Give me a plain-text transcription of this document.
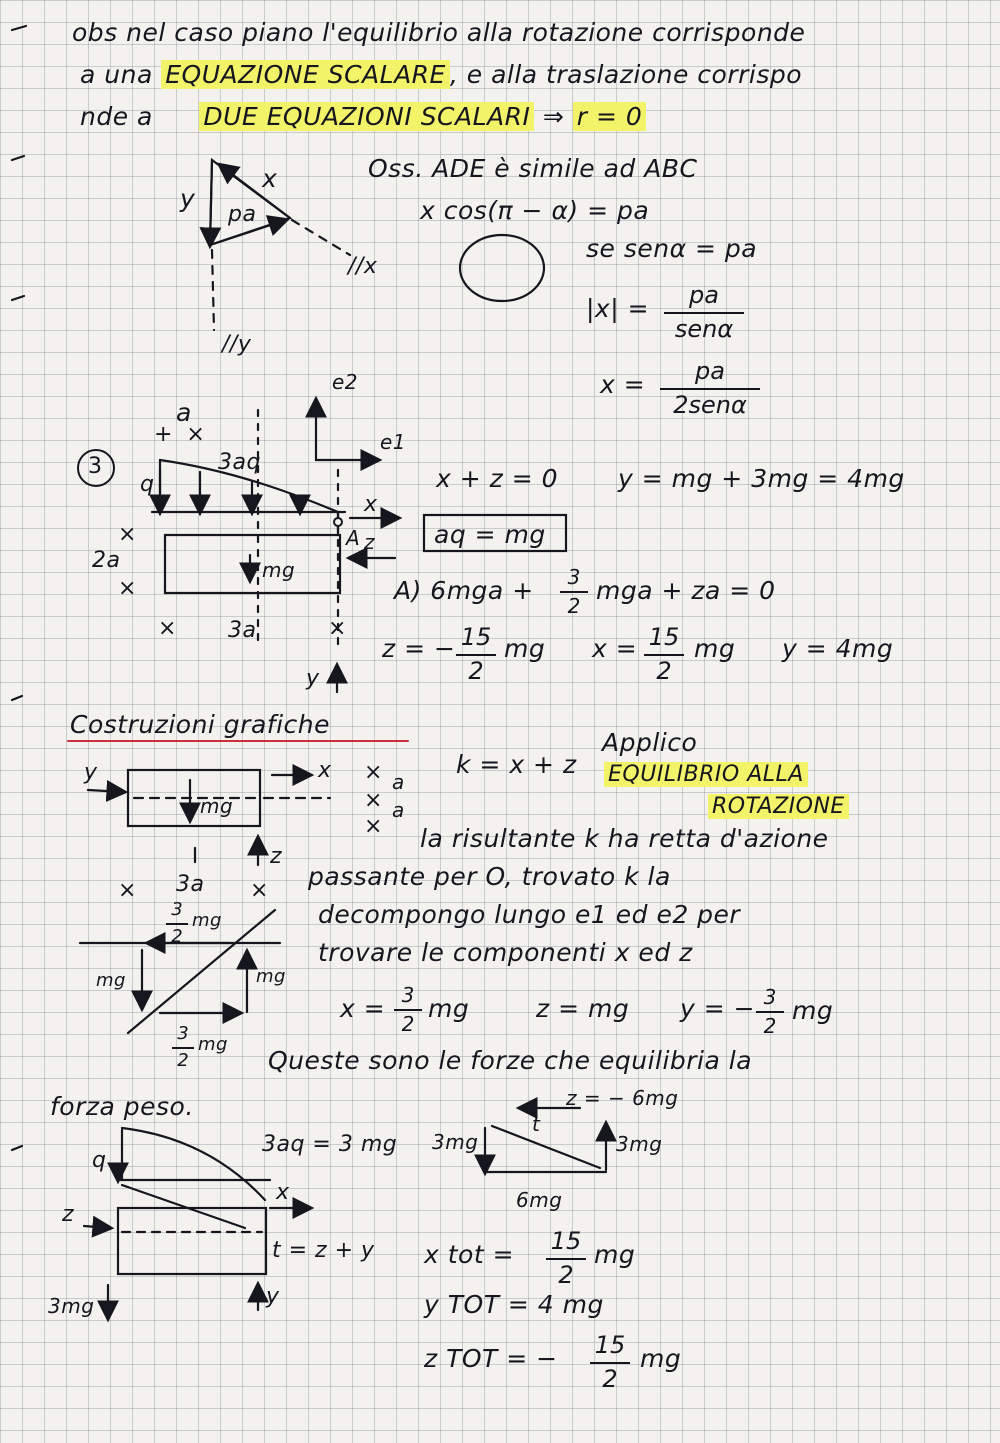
obs nel caso piano l'equilibrio alla rotazione corrisponde
a una EQUAZIONE SCALARE , e alla traslazione corrispo
nde a DUE EQUAZIONI SCALARI ⇒ r = 0
y
x
pa
//x
//y
Oss. ADE è simile ad ABC
x cos(π − α) = pa
se senα = pa
|x| =	pa
senα
x =	pa
2senα
3
a
+  ×
q
3aq
2a
×
×
×	×
3a
mg
A
x
z
y
e2
e1
x + z = 0 y = mg + 3mg = 4mg
aq = mg
A) 6mga +	3
2
mga + za = 0
z = − 15
2
mg x = 15
2
mg y = 4mg
Costruzioni grafiche
y	x
z
mg
×
×
×
a
a
×	×
3a
k = x + z
Applico
EQUILIBRIO ALLA
ROTAZIONE
la risultante k ha retta d'azione
passante per O, trovato k la
decompongo lungo e1 ed e2 per
trovare le componenti x ed z
x = 3
2
mg	z = mg y = − 3
2
mg
3
2
mg
mg	mg
3
2
mg
Queste sono le forze che equilibria la
forza peso.
q
z
x
3mg	y
t = z + y
3aq = 3 mg 3mg	3mg
t
z = − 6mg
6mg
x tot = 15
2
mg
y TOT = 4 mg
z TOT = − 15
2
mg
